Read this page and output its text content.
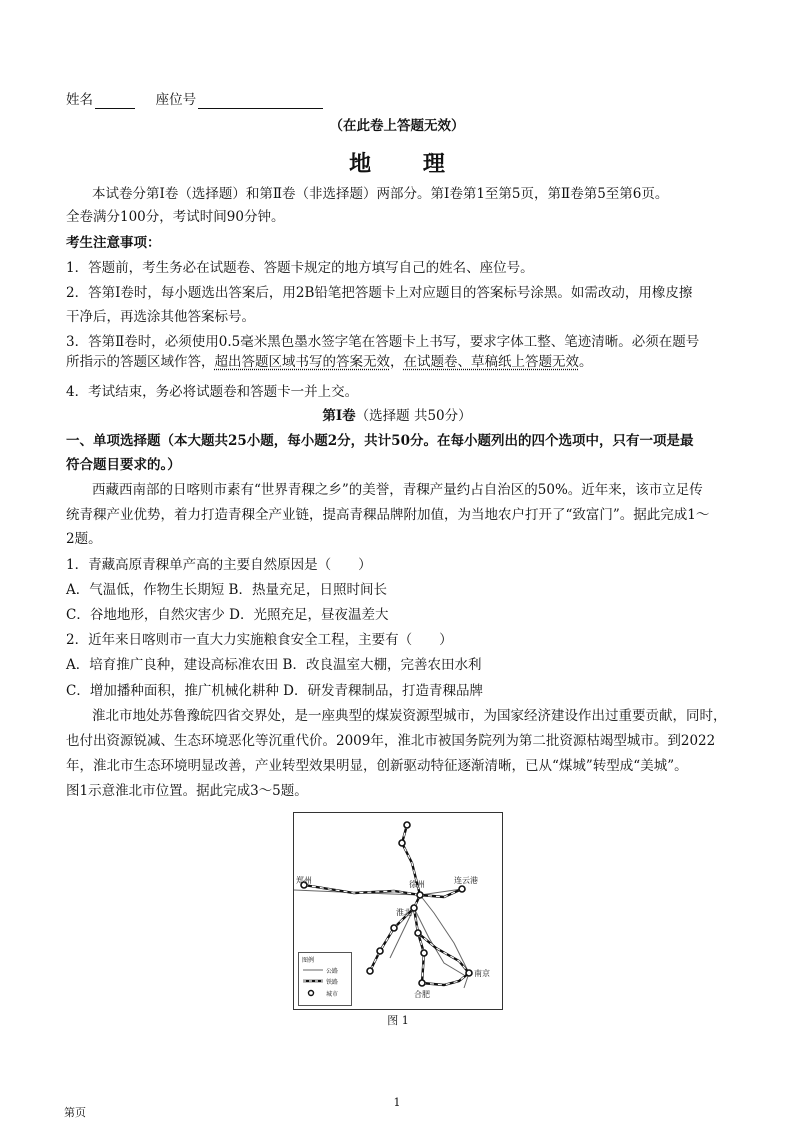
姓名	座位号
（在此卷上答题无效）
地 理
本试卷分第Ⅰ卷（选择题）和第Ⅱ卷（非选择题）两部分。第Ⅰ卷第1至第5页，第Ⅱ卷第5至第6页。
全卷满分100分，考试时间90分钟。
考生注意事项：
1．答题前，考生务必在试题卷、答题卡规定的地方填写自己的姓名、座位号。
2．答第Ⅰ卷时，每小题选出答案后，用2B铅笔把答题卡上对应题目的答案标号涂黑。如需改动，用橡皮擦
干净后，再选涂其他答案标号。
3．答第Ⅱ卷时，必须使用0.5毫米黑色墨水签字笔在答题卡上书写，要求字体工整、笔迹清晰。必须在题号
所指示的答题区域作答，超出答题区域书写的答案无效，在试题卷、草稿纸上答题无效。
4．考试结束，务必将试题卷和答题卡一并上交。
第Ⅰ卷（选择题 共50分）
一、单项选择题（本大题共25小题，每小题2分，共计50分。在每小题列出的四个选项中，只有一项是最
符合题目要求的。）
西藏西南部的日喀则市素有“世界青稞之乡”的美誉，青稞产量约占自治区的50%。近年来，该市立足传
统青稞产业优势，着力打造青稞全产业链，提高青稞品牌附加值，为当地农户打开了“致富门”。据此完成1～
2题。
1．青藏高原青稞单产高的主要自然原因是（　　）
A．气温低，作物生长期短 B．热量充足，日照时间长
C．谷地地形，自然灾害少 D．光照充足，昼夜温差大
2．近年来日喀则市一直大力实施粮食安全工程，主要有（　　）
A．培育推广良种，建设高标准农田 B．改良温室大棚，完善农田水利
C．增加播种面积，推广机械化耕种 D．研发青稞制品，打造青稞品牌
淮北市地处苏鲁豫皖四省交界处，是一座典型的煤炭资源型城市，为国家经济建设作出过重要贡献，同时，
也付出资源锐减、生态环境恶化等沉重代价。2009年，淮北市被国务院列为第二批资源枯竭型城市。到2022
年，淮北市生态环境明显改善，产业转型效果明显，创新驱动特征逐渐清晰，已从“煤城”转型成“美城”。
图1示意淮北市位置。据此完成3～5题。
郑州	徐州	连云港
淮北
南京
合肥
图例
公路
铁路
城市
图 1
1
第页
